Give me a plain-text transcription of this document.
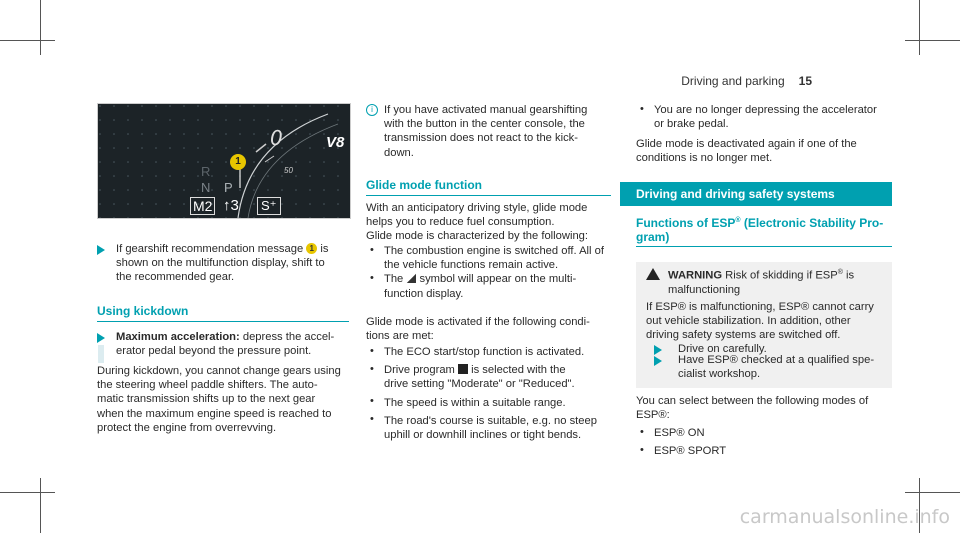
Driving and parking 15
0	V8
50
R
N P
1
M2 ↑3	S⁺

If gearshift recommendation message 1 is

shown on the multifunction display, shift to

the recommended gear.

Using kickdown

Maximum acceleration: depress the accel-

erator pedal beyond the pressure point.

During kickdown, you cannot change gears using

the steering wheel paddle shifters. The auto-

matic transmission shifts up to the next gear

when the maximum engine speed is reached to

protect the engine from overrevving.

i If you have activated manual gearshifting

with the button in the center console, the

transmission does not react to the kick-

down.

Glide mode function

With an anticipatory driving style, glide mode

helps you to reduce fuel consumption.

Glide mode is characterized by the following:

The combustion engine is switched off. All of

the vehicle functions remain active.

The  symbol will appear on the multi-

function display.

•
•

Glide mode is activated if the following condi-

tions are met:

The ECO start/stop function is activated.

Drive program  is selected with the

drive setting "Moderate" or "Reduced".

The speed is within a suitable range.

The road's course is suitable, e.g. no steep

uphill or downhill inclines or tight bends.

•
•
•
•
• You are no longer depressing the accelerator

or brake pedal.

Glide mode is deactivated again if one of the

conditions is no longer met.

Driving and driving safety systems
Functions of ESP® (Electronic Stability Pro-
gram)

WARNING Risk of skidding if ESP® is

malfunctioning

If ESP® is malfunctioning, ESP® cannot carry

out vehicle stabilization. In addition, other

driving safety systems are switched off.

Drive on carefully.

Have ESP® checked at a qualified spe-

cialist workshop.

You can select between the following modes of

ESP®:

• ESP® ON
• ESP® SPORT
carmanualsonline.info
